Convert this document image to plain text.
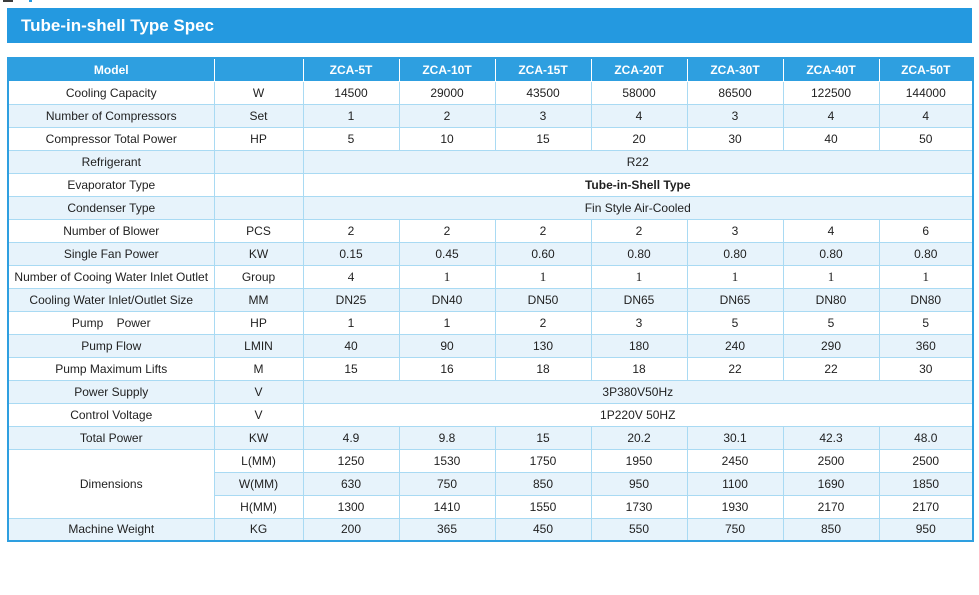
Tube-in-shell Type Spec
Model		ZCA-5T	ZCA-10T	ZCA-15T	ZCA-20T	ZCA-30T	ZCA-40T	ZCA-50T
Cooling Capacity	W	14500	29000	43500	58000	86500	122500	144000
Number of Compressors	Set	1	2	3	4	3	4	4
Compressor Total Power	HP	5	10	15	20	30	40	50
Refrigerant		R22						
Evaporator Type		Tube-in-Shell Type						
Condenser Type		Fin Style Air-Cooled						
Number of Blower	PCS	2	2	2	2	3	4	6
Single Fan Power	KW	0.15	0.45	0.60	0.80	0.80	0.80	0.80
Number of Cooing Water Inlet Outlet	Group	4	1	1	1	1	1	1
Cooling Water Inlet/Outlet Size	MM	DN25	DN40	DN50	DN65	DN65	DN80	DN80
Pump    Power	HP	1	1	2	3	5	5	5
Pump Flow	LMIN	40	90	130	180	240	290	360
Pump Maximum Lifts	M	15	16	18	18	22	22	30
Power Supply	V	3P380V50Hz						
Control Voltage	V	1P220V 50HZ						
Total Power	KW	4.9	9.8	15	20.2	30.1	42.3	48.0
Dimensions	L(MM)	1250	1530	1750	1950	2450	2500	2500
	W(MM)	630	750	850	950	1100	1690	1850
	H(MM)	1300	1410	1550	1730	1930	2170	2170
Machine Weight	KG	200	365	450	550	750	850	950
